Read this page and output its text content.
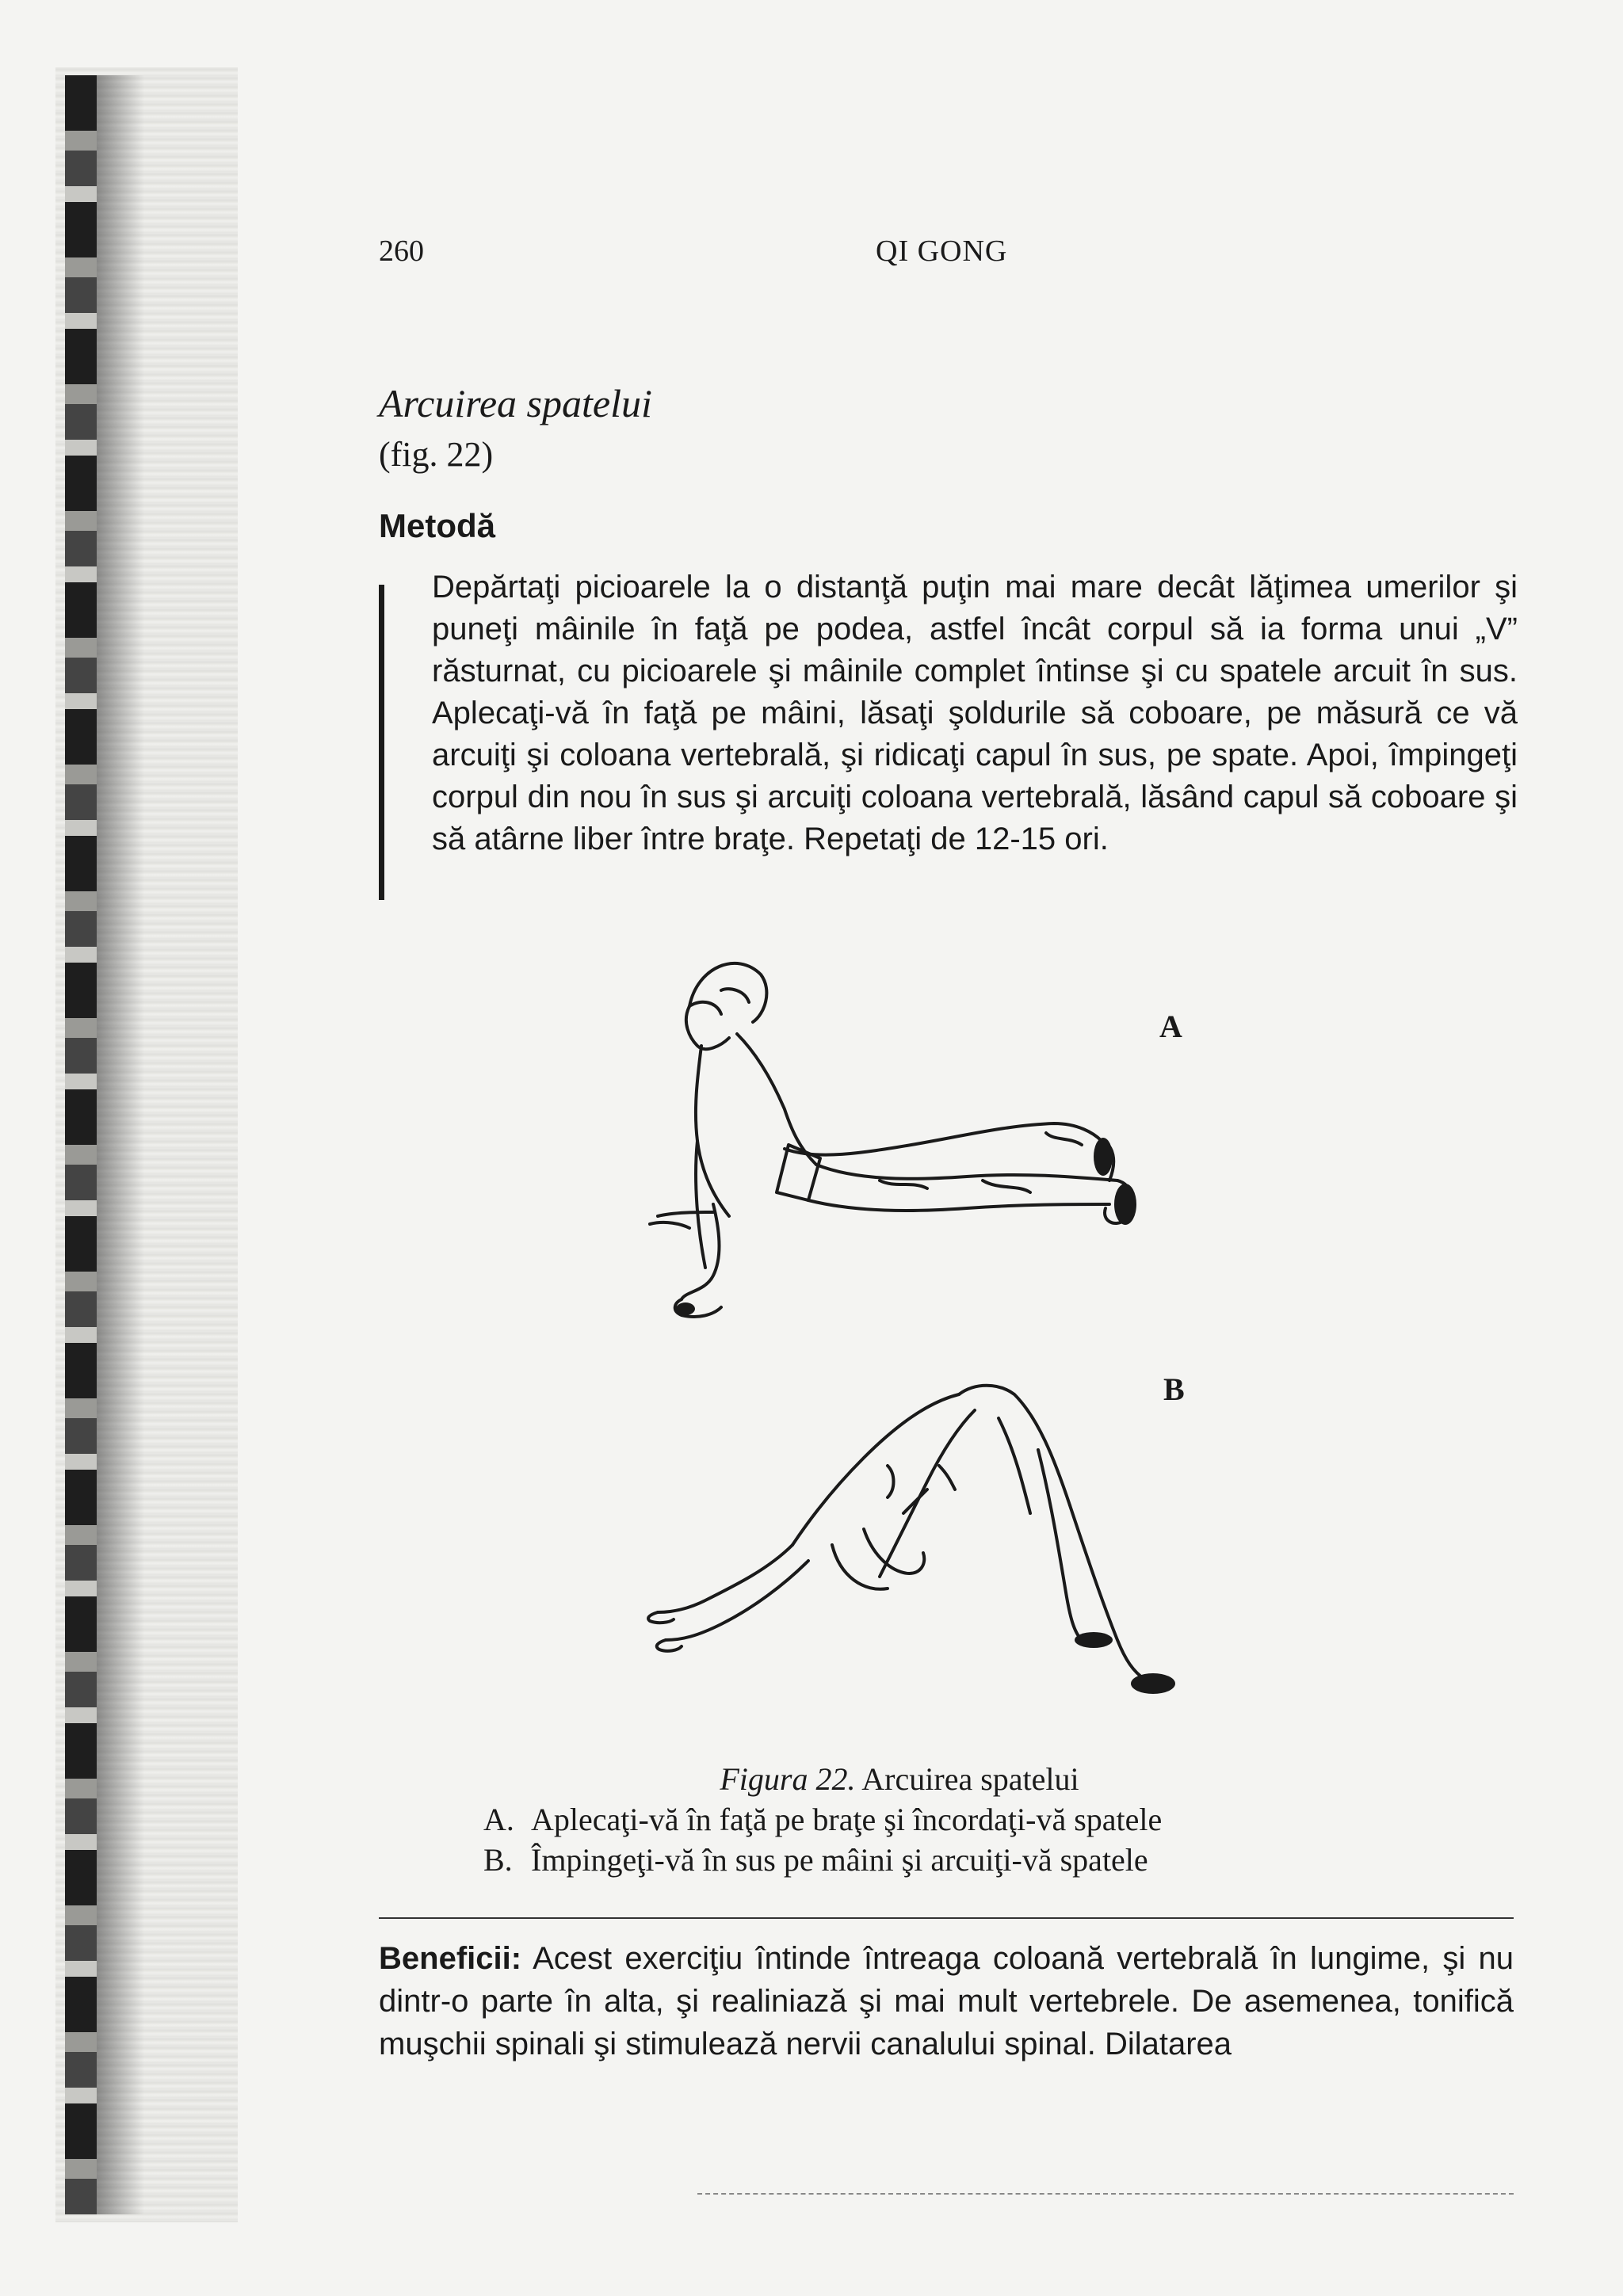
260	QI GONG
Arcuirea spatelui
(fig. 22)
Metodă
Depărtaţi picioarele la o distanţă puţin mai mare decât lăţimea umerilor şi puneţi mâinile în faţă pe podea, astfel încât corpul să ia forma unui „V” răsturnat, cu picioarele şi mâinile complet întinse şi cu spatele arcuit în sus. Aplecaţi-vă în faţă pe mâini, lăsaţi şoldurile să coboare, pe măsură ce vă arcuiţi şi coloana vertebrală, şi ridicaţi capul în sus, pe spate. Apoi, împingeţi corpul din nou în sus şi arcuiţi coloana vertebrală, lăsând capul să coboare şi să atârne liber între braţe. Repetaţi de 12-15 ori.
A
B
Figura 22. Arcuirea spatelui
A. Aplecaţi-vă în faţă pe braţe şi încordaţi-vă spatele
B. Împingeţi-vă în sus pe mâini şi arcuiţi-vă spatele
Beneficii: Acest exerciţiu întinde întreaga coloană vertebrală în lungime, şi nu dintr-o parte în alta, şi realiniază şi mai mult vertebrele. De asemenea, tonifică muşchii spinali şi stimulează nervii canalului spinal. Dilatarea
